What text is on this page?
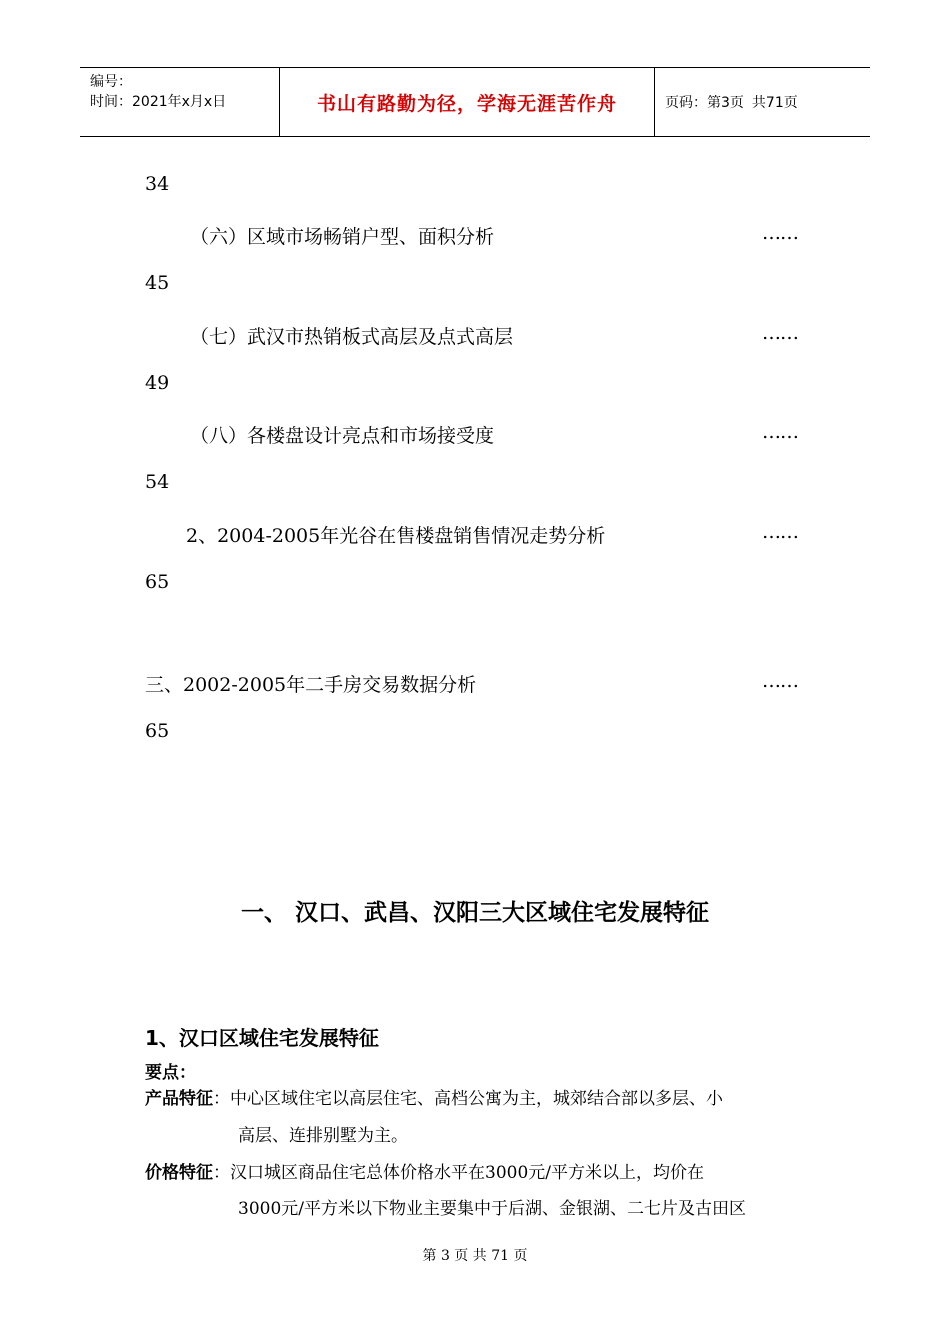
编号：
时间：2021年x月x日	书山有路勤为径，学海无涯苦作舟	页码：第3页 共71页
34
（六）区域市场畅销户型、面积分析	……
45
（七）武汉市热销板式高层及点式高层	……
49
（八）各楼盘设计亮点和市场接受度	……
54
2、2004-2005年光谷在售楼盘销售情况走势分析	……
65
三、2002-2005年二手房交易数据分析	……
65
一、 汉口、武昌、汉阳三大区域住宅发展特征
1、汉口区域住宅发展特征
要点：
产品特征：中心区域住宅以高层住宅、高档公寓为主，城郊结合部以多层、小
高层、连排别墅为主。
价格特征：汉口城区商品住宅总体价格水平在3000元/平方米以上，均价在
3000元/平方米以下物业主要集中于后湖、金银湖、二七片及古田区
第 3 页 共 71 页
